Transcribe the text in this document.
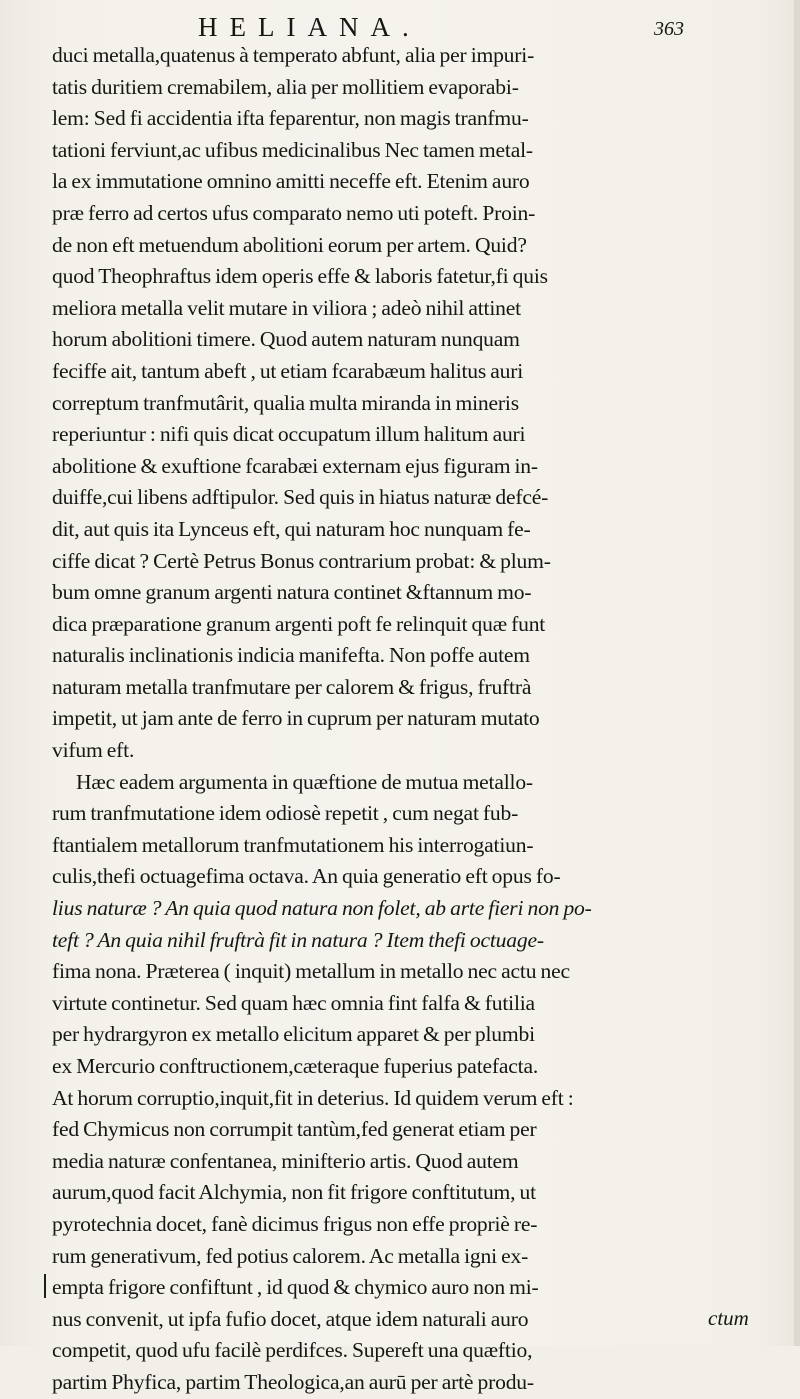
HELIANA.	363
duci metalla,quatenus à temperato abfunt, alia per impuri-
tatis duritiem cremabilem, alia per mollitiem evaporabi-
lem: Sed fi accidentia ifta feparentur, non magis tranfmu-
tationi ferviunt,ac ufibus medicinalibus Nec tamen metal-
la ex immutatione omnino amitti neceffe eft. Etenim auro
præ ferro ad certos ufus comparato nemo uti poteft. Proin-
de non eft metuendum abolitioni eorum per artem. Quid?
quod Theophraftus idem operis effe & laboris fatetur,fi quis
meliora metalla velit mutare in viliora ; adeò nihil attinet
horum abolitioni timere. Quod autem naturam nunquam
feciffe ait, tantum abeft , ut etiam fcarabæum halitus auri
correptum tranfmutârit, qualia multa miranda in mineris
reperiuntur : nifi quis dicat occupatum illum halitum auri
abolitione & exuftione fcarabæi externam ejus figuram in-
duiffe,cui libens adftipulor. Sed quis in hiatus naturæ defcé-
dit, aut quis ita Lynceus eft, qui naturam hoc nunquam fe-
ciffe dicat ? Certè Petrus Bonus contrarium probat: & plum-
bum omne granum argenti natura continet &ftannum mo-
dica præparatione granum argenti poft fe relinquit quæ funt
naturalis inclinationis indicia manifefta. Non poffe autem
naturam metalla tranfmutare per calorem & frigus, fruftrà
impetit, ut jam ante de ferro in cuprum per naturam mutato
vifum eft.
Hæc eadem argumenta in quæftione de mutua metallo-
rum tranfmutatione idem odiosè repetit , cum negat fub-
ftantialem metallorum tranfmutationem his interrogatiun-
culis,thefi octuagefima octava. An quia generatio eft opus fo-
lius naturæ ? An quia quod natura non folet, ab arte fieri non po-
teft ? An quia nihil fruftrà fit in natura ? Item thefi octuage-
fima nona. Præterea ( inquit) metallum in metallo nec actu nec
virtute continetur. Sed quam hæc omnia fint falfa & futilia
per hydrargyron ex metallo elicitum apparet & per plumbi
ex Mercurio conftructionem,cæteraque fuperius patefacta.
At horum corruptio,inquit,fit in deterius. Id quidem verum eft :
fed Chymicus non corrumpit tantùm,fed generat etiam per
media naturæ confentanea, minifterio artis. Quod autem
aurum,quod facit Alchymia, non fit frigore conftitutum, ut
pyrotechnia docet, fanè dicimus frigus non effe propriè re-
rum generativum, fed potius calorem. Ac metalla igni ex-
empta frigore confiftunt , id quod & chymico auro non mi-
nus convenit, ut ipfa fufio docet, atque idem naturali auro
competit, quod ufu facilè perdifces. Supereft una quæftio,
partim Phyfica, partim Theologica,an aurū per artè produ-
ctum
